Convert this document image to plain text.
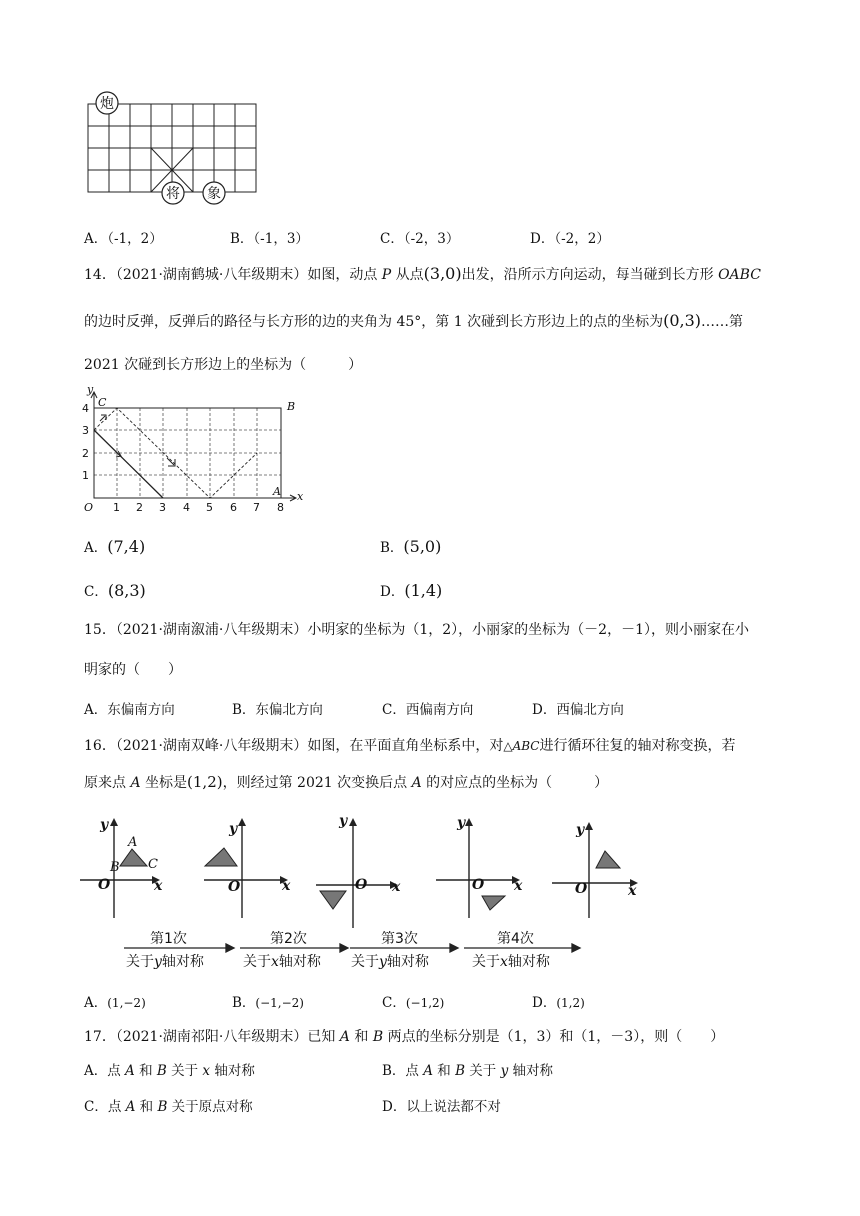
炮
将 象
A．（-1，2）	B．（-1，3）	C．（-2，3）	D．（-2，2）
14．（2021·湖南鹤城·八年级期末）如图，动点 P 从点(3,0)出发，沿所示方向运动，每当碰到长方形 OABC
的边时反弹，反弹后的路径与长方形的边的夹角为 45°，第 1 次碰到长方形边上的点的坐标为(0,3)……第
2021 次碰到长方形边上的坐标为（　　　）
y
C	B
A x
O
4
3
2
1
1 2 3 4 5 6 7 8
A．(7,4)	B．(5,0)
C．(8,3)	D．(1,4)
15．（2021·湖南溆浦·八年级期末）小明家的坐标为（1，2），小丽家的坐标为（－2，－1），则小丽家在小
明家的（　　）
A．东偏南方向	B．东偏北方向	C．西偏南方向	D．西偏北方向
16．（2021·湖南双峰·八年级期末）如图，在平面直角坐标系中，对△ABC进行循环往复的轴对称变换，若
原来点 A 坐标是(1,2)，则经过第 2021 次变换后点 A 的对应点的坐标为（　　　）
y
A
B C
O	x
y
O	x
y
O x
y
O x
y
O	x
第1次
关于y轴对称
第2次
关于x轴对称
第3次
关于y轴对称
第4次
关于x轴对称
A．(1,−2)	B．(−1,−2)	C．(−1,2)	D．(1,2)
17．（2021·湖南祁阳·八年级期末）已知 A 和 B 两点的坐标分别是（1，3）和（1，－3），则（　　）
A．点 A 和 B 关于 x 轴对称	B．点 A 和 B 关于 y 轴对称
C．点 A 和 B 关于原点对称	D．以上说法都不对
